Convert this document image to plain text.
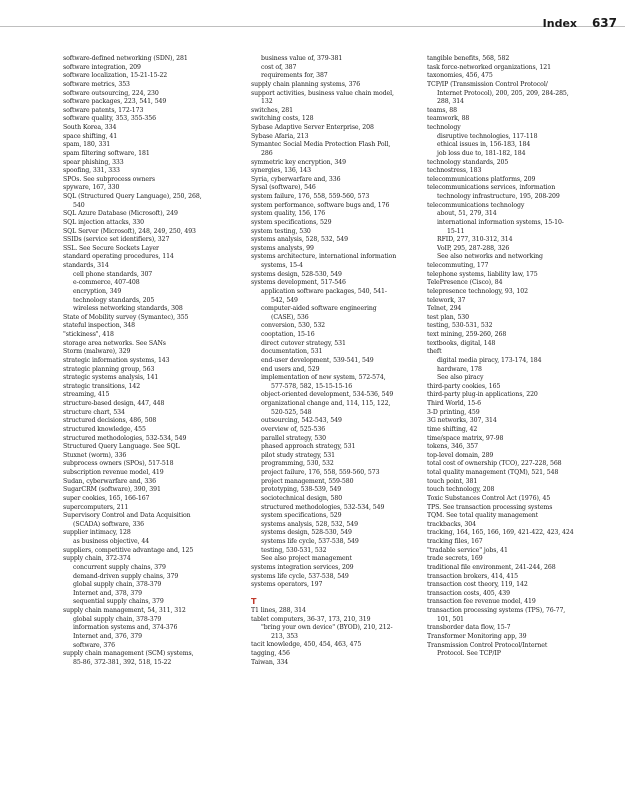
Index 637
software-defined networking (SDN), 281
software integration, 209
software localization, 15-21-15-22
software metrics, 353
software outsourcing, 224, 230
software packages, 223, 541, 549
software patents, 172-173
software quality, 353, 355-356
South Korea, 334
space shifting, 41
spam, 180, 331
spam filtering software, 181
spear phishing, 333
spoofing, 331, 333
SPOs. See subprocess owners
spyware, 167, 330
SQL (Structured Query Language), 250, 268,
540
SQL Azure Database (Microsoft), 249
SQL injection attacks, 330
SQL Server (Microsoft), 248, 249, 250, 493
SSIDs (service set identifiers), 327
SSL. See Secure Sockets Layer
standard operating procedures, 114
standards, 314
cell phone standards, 307
e-commerce, 407-408
encryption, 349
technology standards, 205
wireless networking standards, 308
State of Mobility survey (Symantec), 355
stateful inspection, 348
"stickiness", 418
storage area networks. See SANs
Storm (malware), 329
strategic information systems, 143
strategic planning group, 563
strategic systems analysis, 141
strategic transitions, 142
streaming, 415
structure-based design, 447, 448
structure chart, 534
structured decisions, 486, 508
structured knowledge, 455
structured methodologies, 532-534, 549
Structured Query Language. See SQL
Stuxnet (worm), 336
subprocess owners (SPOs), 517-518
subscription revenue model, 419
Sudan, cyberwarfare and, 336
SugarCRM (software), 390, 391
super cookies, 165, 166-167
supercomputers, 211
Supervisory Control and Data Acquisition
(SCADA) software, 336
supplier intimacy, 128
as business objective, 44
suppliers, competitive advantage and, 125
supply chain, 372-374
concurrent supply chains, 379
demand-driven supply chains, 379
global supply chain, 378-379
Internet and, 378, 379
sequential supply chains, 379
supply chain management, 54, 311, 312
global supply chain, 378-379
information systems and, 374-376
Internet and, 376, 379
software, 376
supply chain management (SCM) systems,
85-86, 372-381, 392, 518, 15-22
business value of, 379-381
cost of, 387
requirements for, 387
supply chain planning systems, 376
support activities, business value chain model,
132
switches, 281
switching costs, 128
Sybase Adaptive Server Enterprise, 208
Sybase Afaria, 213
Symantec Social Media Protection Flash Poll,
286
symmetric key encryption, 349
synergies, 136, 143
Syria, cyberwarfare and, 336
Sysal (software), 546
system failure, 176, 558, 559-560, 573
system performance, software bugs and, 176
system quality, 156, 176
system specifications, 529
system testing, 530
systems analysis, 528, 532, 549
systems analysts, 99
systems architecture, international information
systems, 15-4
systems design, 528-530, 549
systems development, 517-546
application software packages, 540, 541-
542, 549
computer-aided software engineering
(CASE), 536
conversion, 530, 532
cooptation, 15-16
direct cutover strategy, 531
documentation, 531
end-user development, 539-541, 549
end users and, 529
implementation of new system, 572-574,
577-578, 582, 15-15-15-16
object-oriented development, 534-536, 549
organizational change and, 114, 115, 122,
520-525, 548
outsourcing, 542-543, 549
overview of, 525-536
parallel strategy, 530
phased approach strategy, 531
pilot study strategy, 531
programming, 530, 532
project failure, 176, 558, 559-560, 573
project management, 559-580
prototyping, 538-539, 549
sociotechnical design, 580
structured methodologies, 532-534, 549
system specifications, 529
systems analysis, 528, 532, 549
systems design, 528-530, 549
systems life cycle, 537-538, 549
testing, 530-531, 532
See also project management
systems integration services, 209
systems life cycle, 537-538, 549
systems operators, 197
T
T1 lines, 288, 314
tablet computers, 36-37, 173, 210, 319
"bring your own device" (BYOD), 210, 212-
213, 353
tacit knowledge, 450, 454, 463, 475
tagging, 456
Taiwan, 334
tangible benefits, 568, 582
task force-networked organizations, 121
taxonomies, 456, 475
TCP/IP (Transmission Control Protocol/
Internet Protocol), 200, 205, 209, 284-285,
288, 314
teams, 88
teamwork, 88
technology
disruptive technologies, 117-118
ethical issues in, 156-183, 184
job loss due to, 181-182, 184
technology standards, 205
technostress, 183
telecommunications platforms, 209
telecommunications services, information
technology infrastructure, 195, 208-209
telecommunications technology
about, 51, 279, 314
international information systems, 15-10-
15-11
RFID, 277, 310-312, 314
VoIP, 295, 287-288, 326
See also networks and networking
telecommuting, 177
telephone systems, liability law, 175
TelePresence (Cisco), 84
telepresence technology, 93, 102
telework, 37
Telnet, 294
test plan, 530
testing, 530-531, 532
text mining, 259-260, 268
textbooks, digital, 148
theft
digital media piracy, 173-174, 184
hardware, 178
See also piracy
third-party cookies, 165
third-party plug-in applications, 220
Third World, 15-6
3-D printing, 459
3G networks, 307, 314
time shifting, 42
time/space matrix, 97-98
tokens, 346, 357
top-level domain, 289
total cost of ownership (TCO), 227-228, 568
total quality management (TQM), 521, 548
touch point, 381
touch technology, 208
Toxic Substances Control Act (1976), 45
TPS. See transaction processing systems
TQM. See total quality management
trackbacks, 304
tracking, 164, 165, 166, 169, 421-422, 423, 424
tracking files, 167
"tradable service" jobs, 41
trade secrets, 169
traditional file environment, 241-244, 268
transaction brokers, 414, 415
transaction cost theory, 119, 142
transaction costs, 405, 439
transaction fee revenue model, 419
transaction processing systems (TPS), 76-77,
101, 501
transborder data flow, 15-7
Transformer Monitoring app, 39
Transmission Control Protocol/Internet
Protocol. See TCP/IP
